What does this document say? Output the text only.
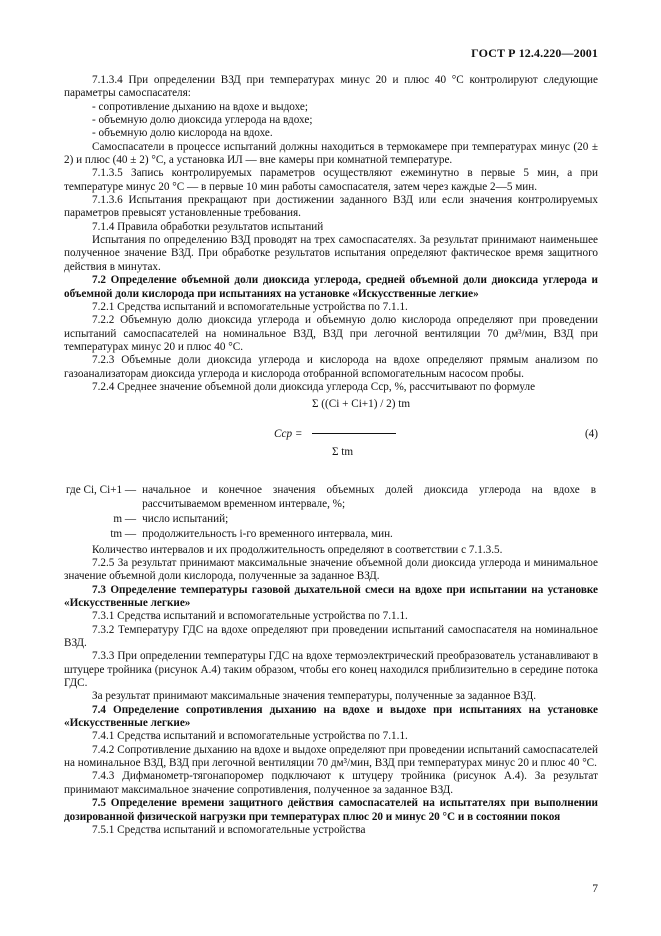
ГОСТ Р 12.4.220—2001

7.1.3.4 При определении ВЗД при температурах минус 20 и плюс 40 °С контролируют следующие параметры самоспасателя:

- сопротивление дыханию на вдохе и выдохе;

- объемную долю диоксида углерода на вдохе;

- объемную долю кислорода на вдохе.

Самоспасатели в процессе испытаний должны находиться в термокамере при температурах минус (20 ± 2) и плюс (40 ± 2) °С, а установка ИЛ — вне камеры при комнатной температуре.

7.1.3.5 Запись контролируемых параметров осуществляют ежеминутно в первые 5 мин, а при температуре минус 20 °С — в первые 10 мин работы самоспасателя, затем через каждые 2—5 мин.

7.1.3.6 Испытания прекращают при достижении заданного ВЗД или если значения контролируемых параметров превысят установленные требования.

7.1.4 Правила обработки результатов испытаний

Испытания по определению ВЗД проводят на трех самоспасателях. За результат принимают наименьшее полученное значение ВЗД. При обработке результатов испытания определяют фактическое время защитного действия в минутах.

7.2 Определение объемной доли диоксида углерода, средней объемной доли диоксида углерода и объемной доли кислорода при испытаниях на установке «Искусственные легкие»

7.2.1 Средства испытаний и вспомогательные устройства по 7.1.1.

7.2.2 Объемную долю диоксида углерода и объемную долю кислорода определяют при проведении испытаний самоспасателей на номинальное ВЗД, ВЗД при легочной вентиляции 70 дм³/мин, ВЗД при температурах минус 20 и плюс 40 °С.

7.2.3 Объемные доли диоксида углерода и кислорода на вдохе определяют прямым анализом по газоанализаторам диоксида углерода и кислорода отобранной вспомогательным насосом пробы.

7.2.4 Среднее значение объемной доли диоксида углерода Сср, %, рассчитывают по формуле

Сср =
Σ ((Ci + Ci+1) / 2) tm
Σ tm
(4)
где Ci, Ci+1 —	начальное и конечное значения объемных долей диоксида углерода на вдохе в рассчитываемом временном интервале, %;
m —	число испытаний;
tm —	продолжительность i-го временного интервала, мин.

Количество интервалов и их продолжительность определяют в соответствии с 7.1.3.5.

7.2.5 За результат принимают максимальные значение объемной доли диоксида углерода и минимальное значение объемной доли кислорода, полученные за заданное ВЗД.

7.3 Определение температуры газовой дыхательной смеси на вдохе при испытании на установке «Искусственные легкие»

7.3.1 Средства испытаний и вспомогательные устройства по 7.1.1.

7.3.2 Температуру ГДС на вдохе определяют при проведении испытаний самоспасателя на номинальное ВЗД.

7.3.3 При определении температуры ГДС на вдохе термоэлектрический преобразователь устанавливают в штуцере тройника (рисунок А.4) таким образом, чтобы его конец находился приблизительно в середине потока ГДС.

За результат принимают максимальные значения температуры, полученные за заданное ВЗД.

7.4 Определение сопротивления дыханию на вдохе и выдохе при испытаниях на установке «Искусственные легкие»

7.4.1 Средства испытаний и вспомогательные устройства по 7.1.1.

7.4.2 Сопротивление дыханию на вдохе и выдохе определяют при проведении испытаний самоспасателей на номинальное ВЗД, ВЗД при легочной вентиляции 70 дм³/мин, ВЗД при температурах минус 20 и плюс 40 °С.

7.4.3 Дифманометр-тягонапоромер подключают к штуцеру тройника (рисунок А.4). За результат принимают максимальное значение сопротивления, полученное за заданное ВЗД.

7.5 Определение времени защитного действия самоспасателей на испытателях при выполнении дозированной физической нагрузки при температурах плюс 20 и минус 20 °С и в состоянии покоя

7.5.1 Средства испытаний и вспомогательные устройства

7
